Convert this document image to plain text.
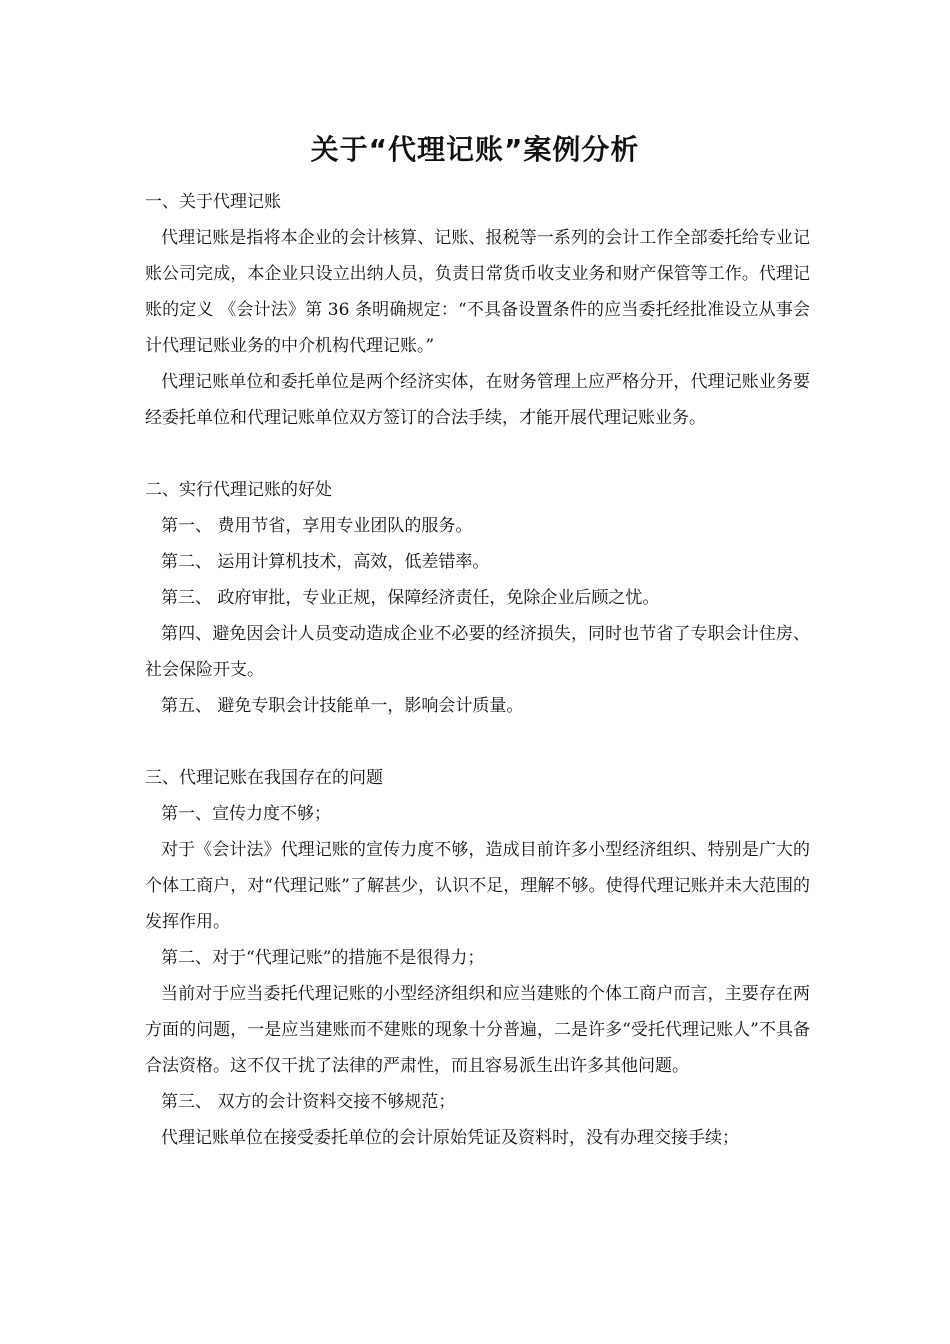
关于“代理记账”案例分析

一、关于代理记账

代理记账是指将本企业的会计核算、记账、报税等一系列的会计工作全部委托给专业记账公司完成，本企业只设立出纳人员，负责日常货币收支业务和财产保管等工作。代理记账的定义 《会计法》第 36 条明确规定：“不具备设置条件的应当委托经批准设立从事会计代理记账业务的中介机构代理记账。”

代理记账单位和委托单位是两个经济实体，在财务管理上应严格分开，代理记账业务要经委托单位和代理记账单位双方签订的合法手续，才能开展代理记账业务。

二、实行代理记账的好处

第一、 费用节省，享用专业团队的服务。

第二、 运用计算机技术，高效，低差错率。

第三、 政府审批，专业正规，保障经济责任，免除企业后顾之忧。

第四、避免因会计人员变动造成企业不必要的经济损失，同时也节省了专职会计住房、社会保险开支。

第五、 避免专职会计技能单一，影响会计质量。

三、代理记账在我国存在的问题

第一、宣传力度不够；

对于《会计法》代理记账的宣传力度不够，造成目前许多小型经济组织、特别是广大的个体工商户，对“代理记账”了解甚少，认识不足，理解不够。使得代理记账并未大范围的发挥作用。

第二、对于“代理记账”的措施不是很得力；

当前对于应当委托代理记账的小型经济组织和应当建账的个体工商户而言，主要存在两方面的问题，一是应当建账而不建账的现象十分普遍，二是许多“受托代理记账人”不具备合法资格。这不仅干扰了法律的严肃性，而且容易派生出许多其他问题。

第三、 双方的会计资料交接不够规范；

代理记账单位在接受委托单位的会计原始凭证及资料时，没有办理交接手续；
